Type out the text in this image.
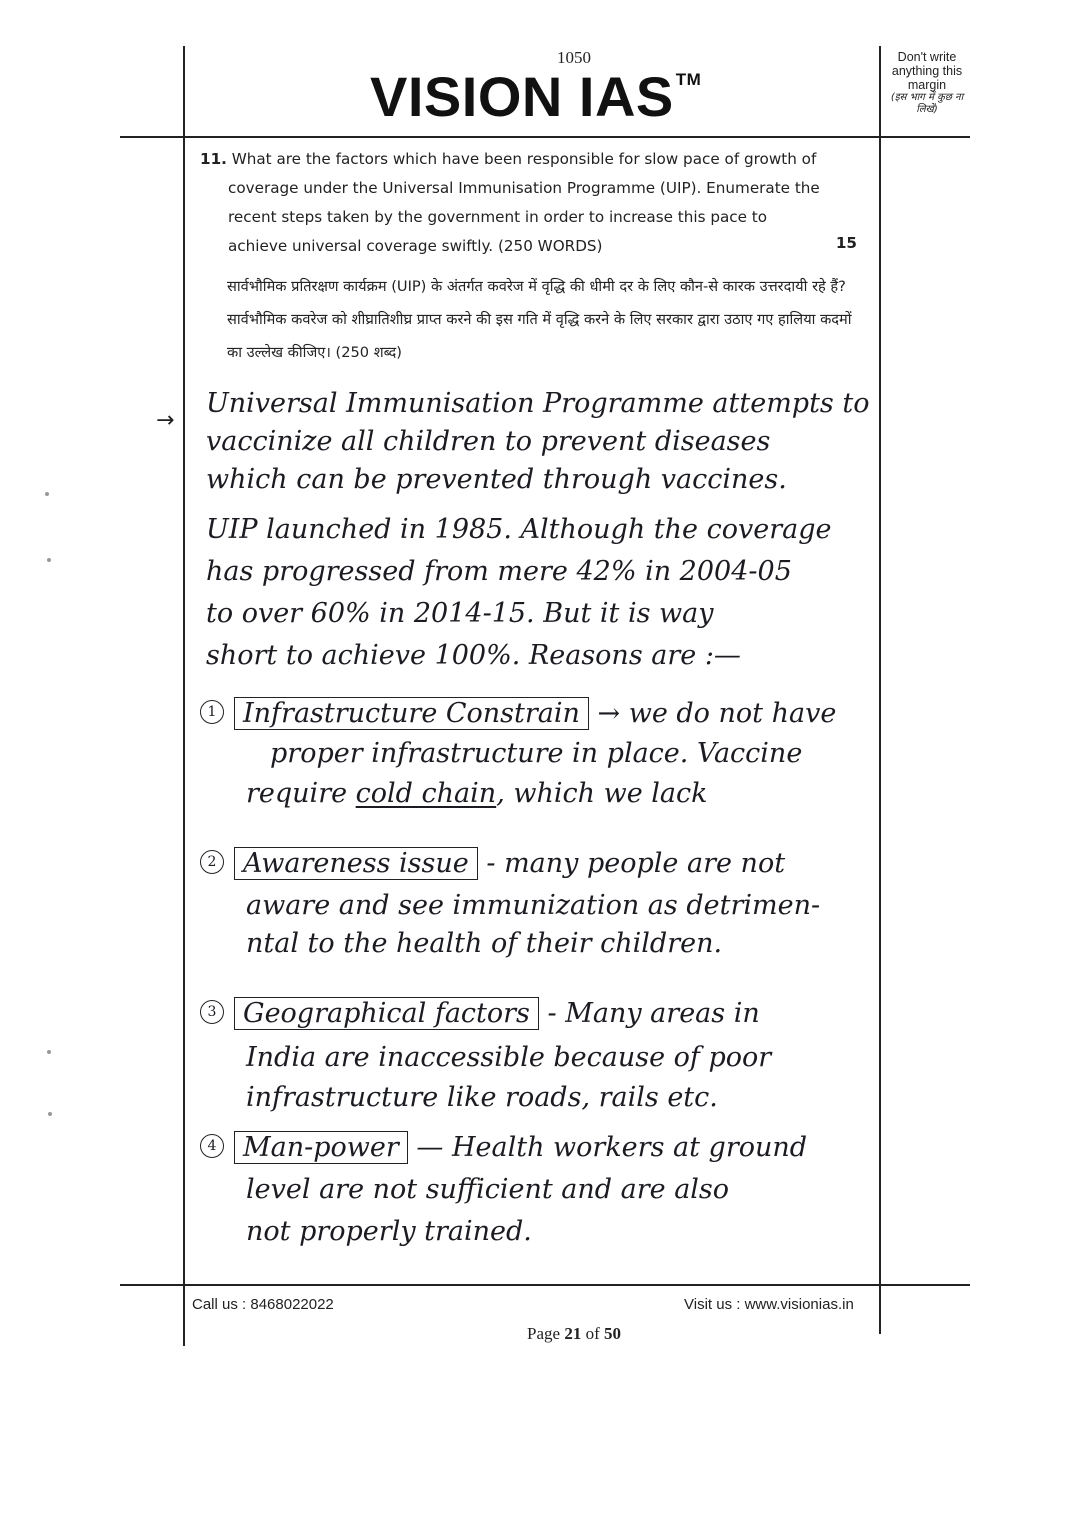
1050
VISION IAS ™
Don't write anything this margin
(इस भाग में कुछ ना लिखें)
11. What are the factors which have been responsible for slow pace of growth of
coverage under the Universal Immunisation Programme (UIP). Enumerate the recent steps taken by the government in order to increase this pace to achieve universal coverage swiftly. (250 WORDS)	15
सार्वभौमिक प्रतिरक्षण कार्यक्रम (UIP) के अंतर्गत कवरेज में वृद्धि की धीमी दर के लिए कौन-से कारक उत्तरदायी रहे हैं? सार्वभौमिक कवरेज को शीघ्रातिशीघ्र प्राप्त करने की इस गति में वृद्धि करने के लिए सरकार द्वारा उठाए गए हालिया कदमों का उल्लेख कीजिए। (250 शब्द)
→
Universal Immunisation Programme attempts to
vaccinize all children to prevent diseases
which can be prevented through vaccines.
UIP launched in 1985. Although the coverage
has progressed from mere 42% in 2004-05
to over 60% in 2014-15. But it is way
short to achieve 100%. Reasons are :—
1 Infrastructure Constrain → we do not have
proper infrastructure in place. Vaccine
require cold chain, which we lack
2 Awareness issue - many people are not
aware and see immunization as detrimen-
ntal to the health of their children.
3 Geographical factors - Many areas in
India are inaccessible because of poor
infrastructure like roads, rails etc.
4 Man-power — Health workers at ground
level are not sufficient and are also
not properly trained.
Call us : 8468022022	Visit us : www.visionias.in
Page 21 of 50
